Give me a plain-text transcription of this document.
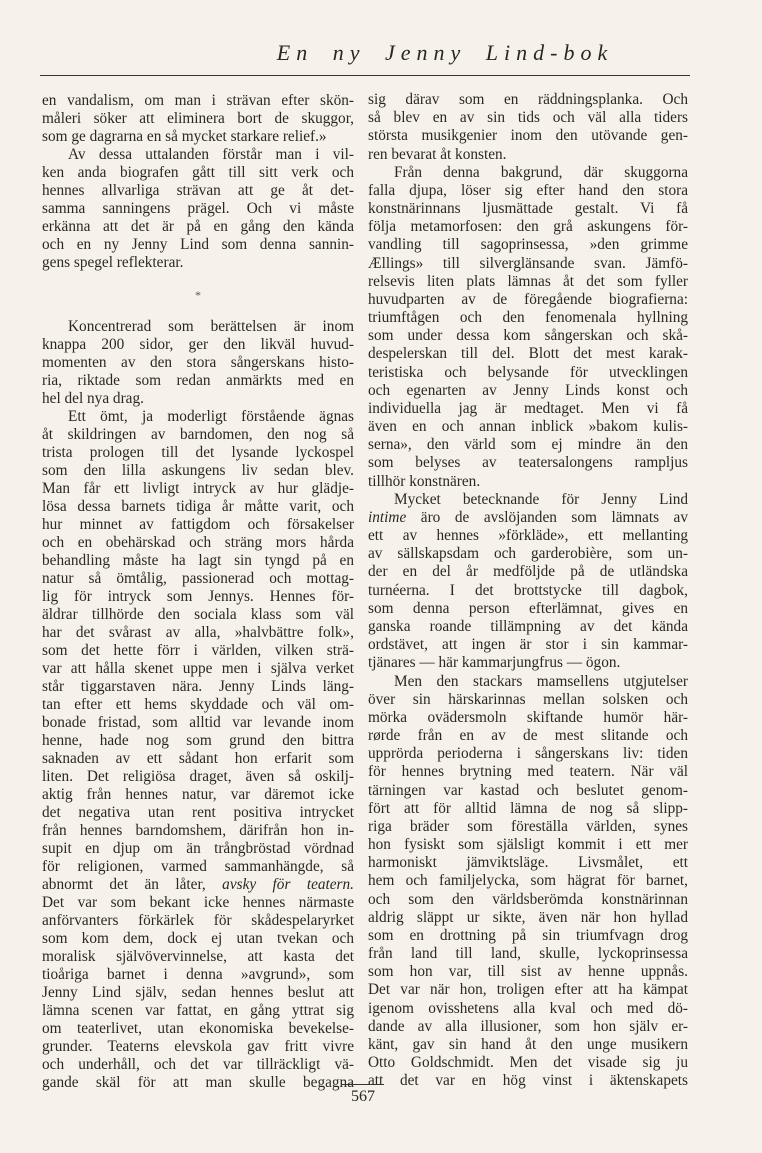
En ny Jenny Lind-bok
en vandalism, om man i strävan efter skön-
måleri söker att eliminera bort de skuggor,
som ge dagrarna en så mycket starkare relief.»
Av dessa uttalanden förstår man i vil-
ken anda biografen gått till sitt verk och
hennes allvarliga strävan att ge åt det-
samma sanningens prägel. Och vi måste
erkänna att det är på en gång den kända
och en ny Jenny Lind som denna sannin-
gens spegel reflekterar.
*
Koncentrerad som berättelsen är inom
knappa 200 sidor, ger den likväl huvud-
momenten av den stora sångerskans histo-
ria, riktade som redan anmärkts med en
hel del nya drag.
Ett ömt, ja moderligt förstående ägnas
åt skildringen av barndomen, den nog så
trista prologen till det lysande lyckospel
som den lilla askungens liv sedan blev.
Man får ett livligt intryck av hur glädje-
lösa dessa barnets tidiga år måtte varit, och
hur minnet av fattigdom och försakelser
och en obehärskad och sträng mors hårda
behandling måste ha lagt sin tyngd på en
natur så ömtålig, passionerad och mottag-
lig för intryck som Jennys. Hennes för-
äldrar tillhörde den sociala klass som väl
har det svårast av alla, »halvbättre folk»,
som det hette förr i världen, vilken strä-
var att hålla skenet uppe men i själva verket
står tiggarstaven nära. Jenny Linds läng-
tan efter ett hems skyddade och väl om-
bonade fristad, som alltid var levande inom
henne, hade nog som grund den bittra
saknaden av ett sådant hon erfarit som
liten. Det religiösa draget, även så oskilj-
aktig från hennes natur, var däremot icke
det negativa utan rent positiva intrycket
från hennes barndomshem, därifrån hon in-
supit en djup om än trångbröstad vördnad
för religionen, varmed sammanhängde, så
abnormt det än låter, avsky för teatern.
Det var som bekant icke hennes närmaste
anförvanters förkärlek för skådespelaryrket
som kom dem, dock ej utan tvekan och
moralisk självövervinnelse, att kasta det
tioåriga barnet i denna »avgrund», som
Jenny Lind själv, sedan hennes beslut att
lämna scenen var fattat, en gång yttrat sig
om teaterlivet, utan ekonomiska bevekelse-
grunder. Teaterns elevskola gav fritt vivre
och underhåll, och det var tillräckligt vä-
gande skäl för att man skulle begagna
sig därav som en räddningsplanka. Och
så blev en av sin tids och väl alla tiders
största musikgenier inom den utövande gen-
ren bevarat åt konsten.
Från denna bakgrund, där skuggorna
falla djupa, löser sig efter hand den stora
konstnärinnans ljusmättade gestalt. Vi få
följa metamorfosen: den grå askungens för-
vandling till sagoprinsessa, »den grimme
Ællings» till silverglänsande svan. Jämfö-
relsevis liten plats lämnas åt det som fyller
huvudparten av de föregående biografierna:
triumftågen och den fenomenala hyllning
som under dessa kom sångerskan och skå-
despelerskan till del. Blott det mest karak-
teristiska och belysande för utvecklingen
och egenarten av Jenny Linds konst och
individuella jag är medtaget. Men vi få
även en och annan inblick »bakom kulis-
serna», den värld som ej mindre än den
som belyses av teatersalongens rampljus
tillhör konstnären.
Mycket betecknande för Jenny Lind
intime äro de avslöjanden som lämnats av
ett av hennes »förkläde», ett mellanting
av sällskapsdam och garderobière, som un-
der en del år medföljde på de utländska
turnéerna. I det brottstycke till dagbok,
som denna person efterlämnat, gives en
ganska roande tillämpning av det kända
ordstävet, att ingen är stor i sin kammar-
tjänares — här kammarjungfrus — ögon.
Men den stackars mamsellens utgjutelser
över sin härskarinnas mellan solsken och
mörka ovädersmoln skiftande humör här-
rørde från en av de mest slitande och
upprörda perioderna i sångerskans liv: tiden
för hennes brytning med teatern. När väl
tärningen var kastad och beslutet genom-
fört att för alltid lämna de nog så slipp-
riga bräder som föreställa världen, synes
hon fysiskt som själsligt kommit i ett mer
harmoniskt jämviktsläge. Livsmålet, ett
hem och familjelycka, som hägrat för barnet,
och som den världsberömda konstnärinnan
aldrig släppt ur sikte, även när hon hyllad
som en drottning på sin triumfvagn drog
från land till land, skulle, lyckoprinsessa
som hon var, till sist av henne uppnås.
Det var när hon, troligen efter att ha kämpat
igenom ovisshetens alla kval och med dö-
dande av alla illusioner, som hon själv er-
känt, gav sin hand åt den unge musikern
Otto Goldschmidt. Men det visade sig ju
att det var en hög vinst i äktenskapets
567
